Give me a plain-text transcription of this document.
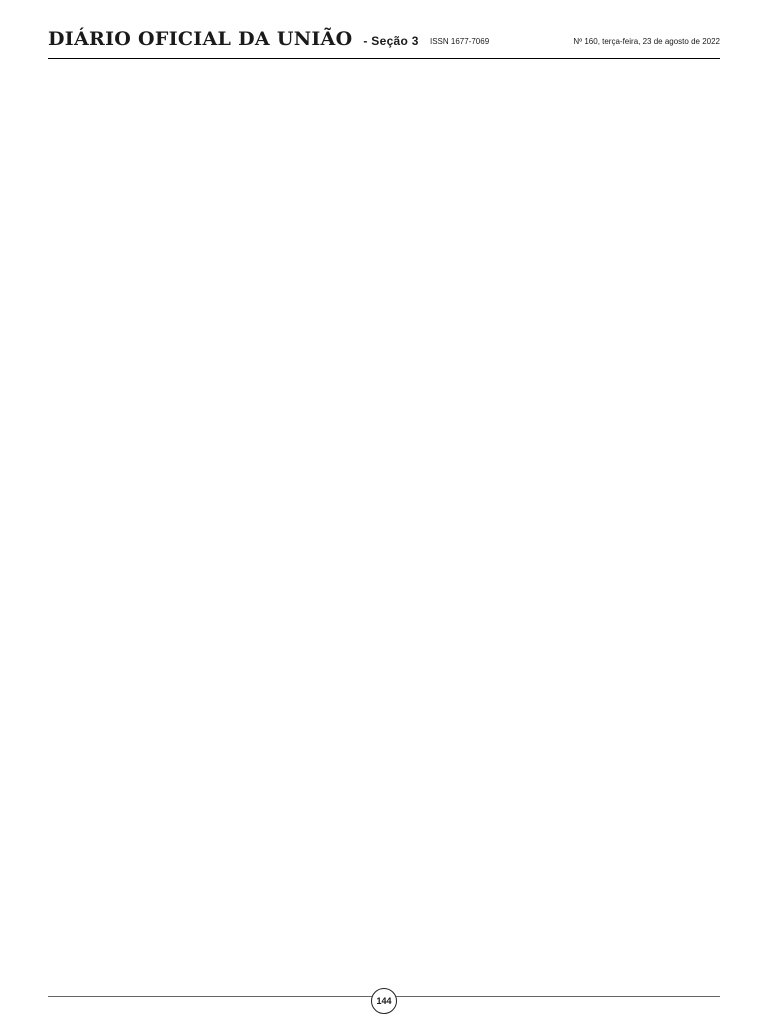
DIÁRIO OFICIAL DA UNIÃO - Seção 3 ISSN 1677-7069	Nº 160, terça-feira, 23 de agosto de 2022
144
